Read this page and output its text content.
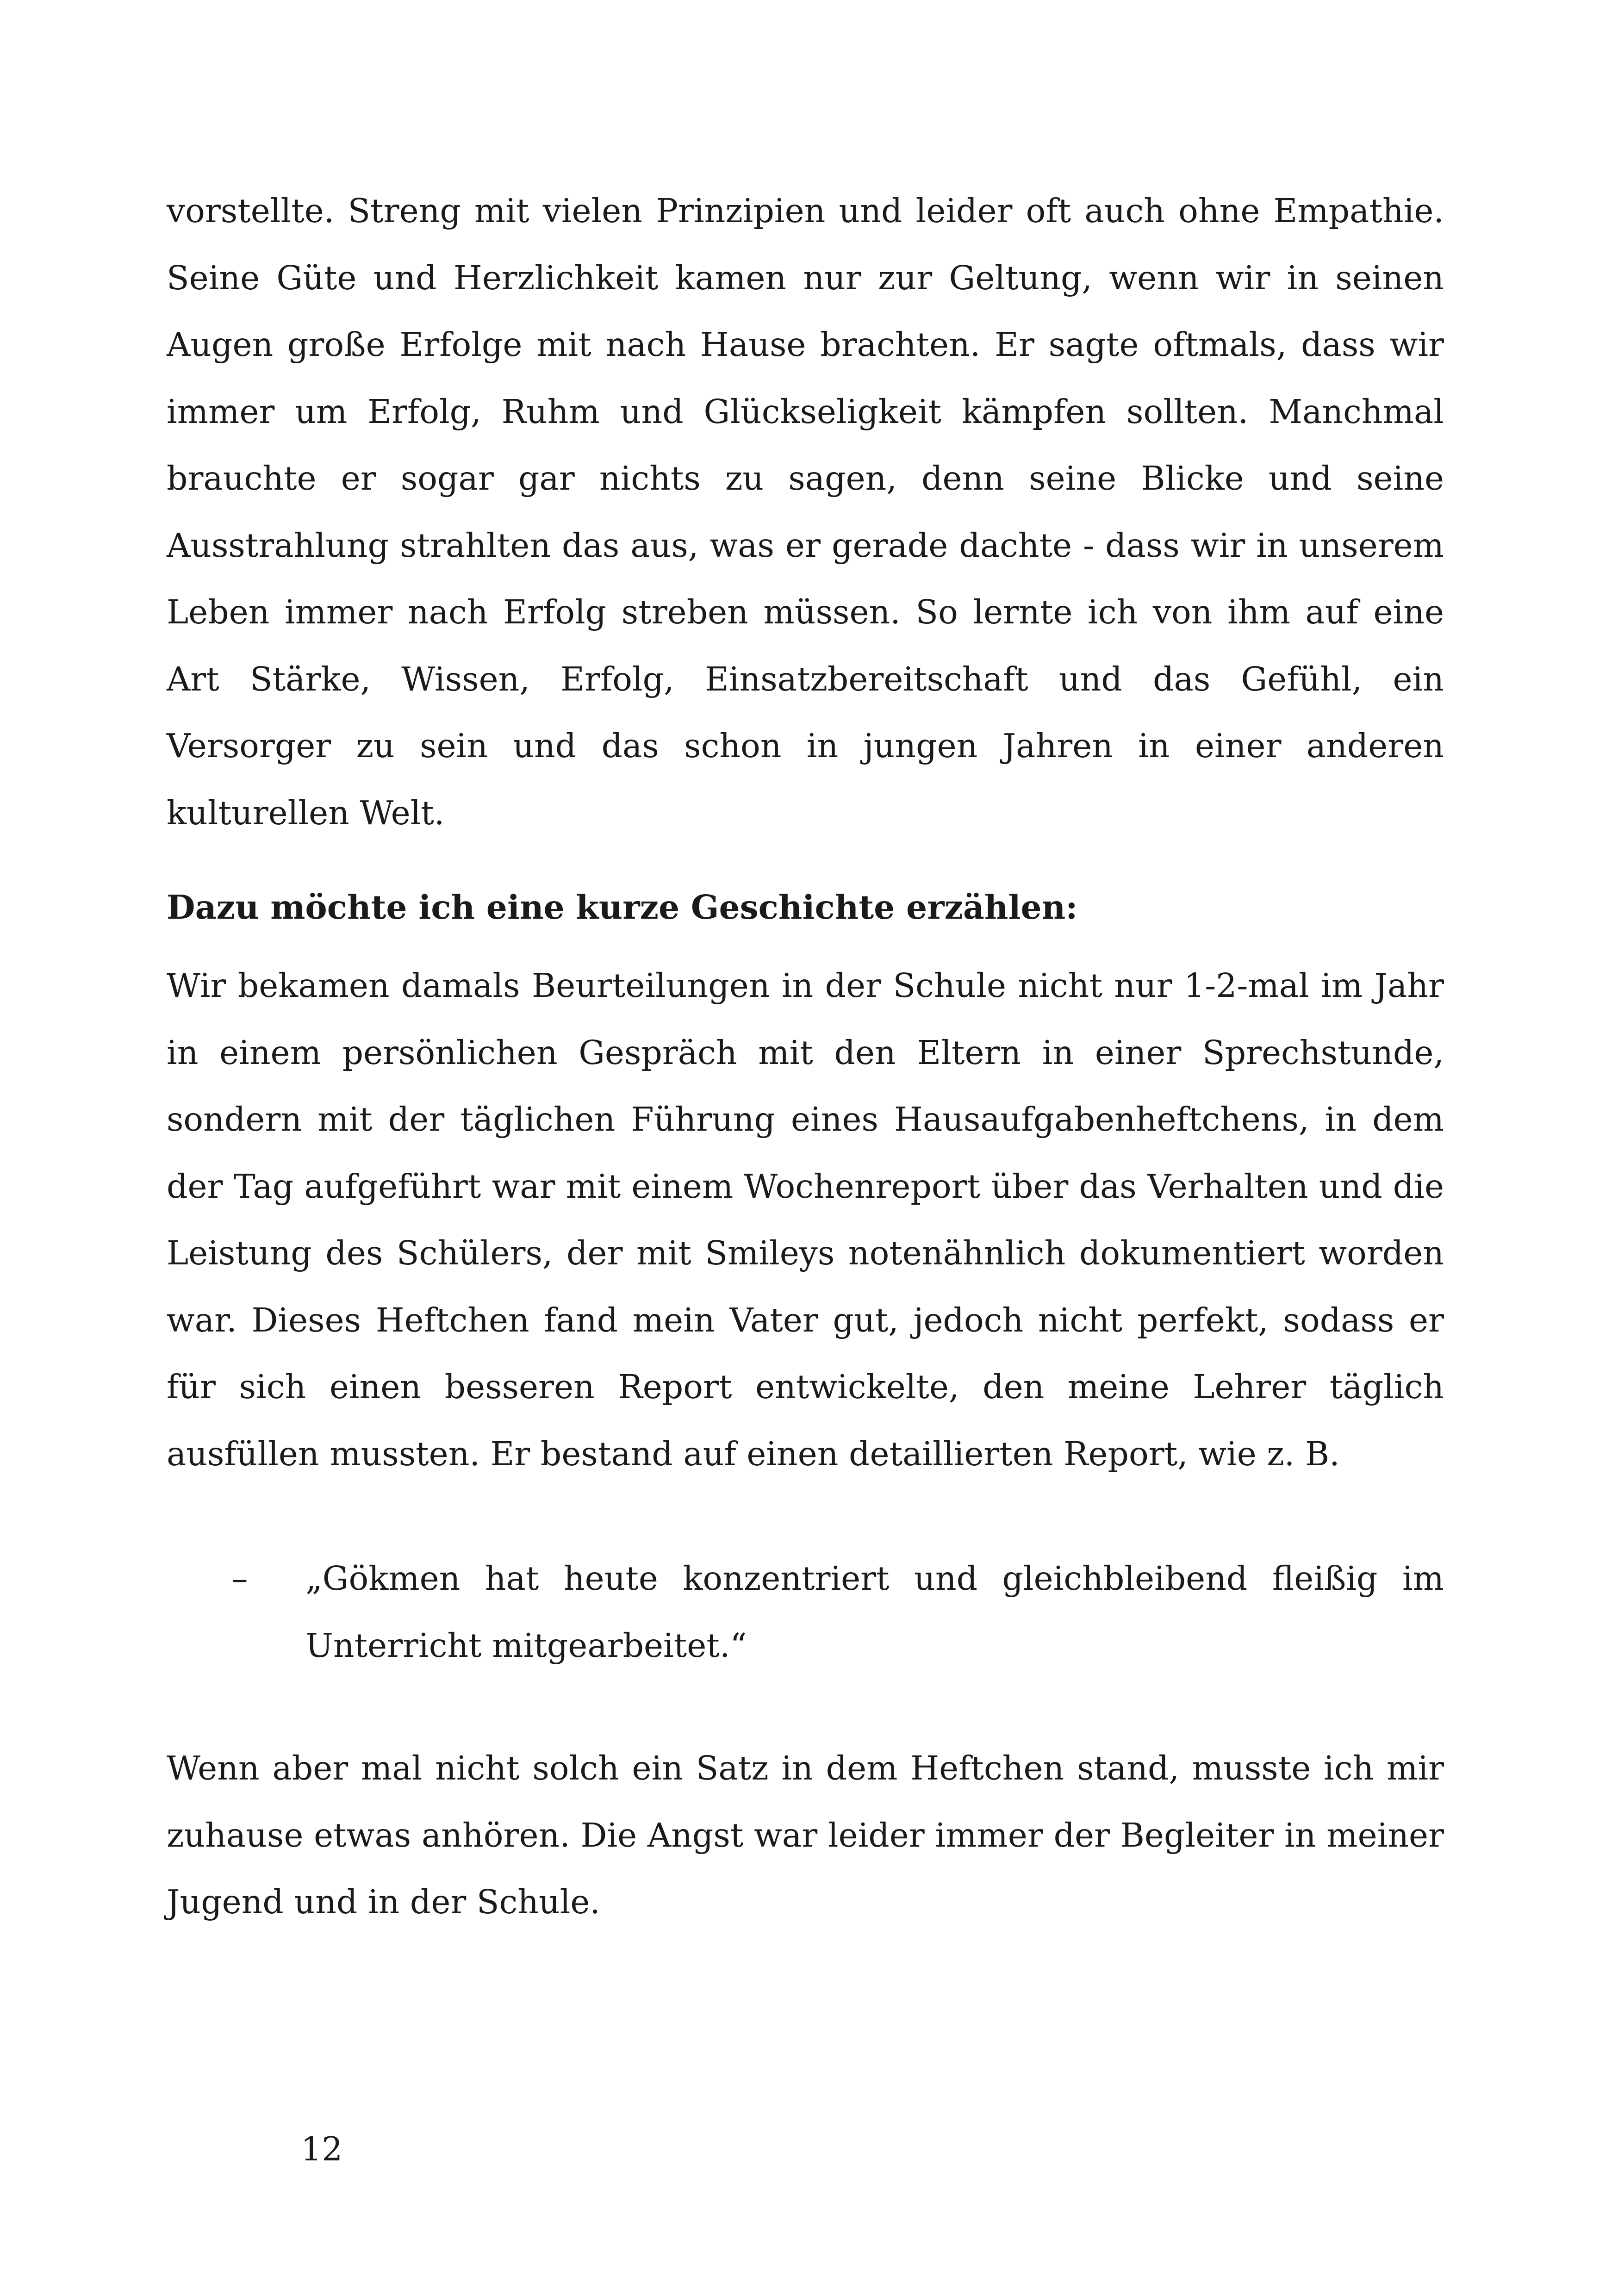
vorstellte. Streng mit vielen Prinzipien und leider oft auch ohne Empathie. Seine Güte und Herzlichkeit kamen nur zur Geltung, wenn wir in seinen Augen große Erfolge mit nach Hause brachten. Er sagte oftmals, dass wir immer um Erfolg, Ruhm und Glückseligkeit kämpfen sollten. Manchmal brauchte er sogar gar nichts zu sagen, denn seine Blicke und seine Ausstrahlung strahlten das aus, was er gerade dachte - dass wir in unserem Leben immer nach Erfolg streben müssen. So lernte ich von ihm auf eine Art Stärke, Wissen, Erfolg, Einsatzbereitschaft und das Gefühl, ein Versorger zu sein und das schon in jungen Jahren in einer anderen kulturellen Welt.

Dazu möchte ich eine kurze Geschichte erzählen:

Wir bekamen damals Beurteilungen in der Schule nicht nur 1-2-mal im Jahr in einem persönlichen Gespräch mit den Eltern in einer Sprechstunde, sondern mit der täglichen Führung eines Hausaufgabenheftchens, in dem der Tag aufgeführt war mit einem Wochenreport über das Verhalten und die Leistung des Schülers, der mit Smileys notenähnlich dokumentiert worden war. Dieses Heftchen fand mein Vater gut, jedoch nicht perfekt, sodass er für sich einen besseren Report entwickelte, den meine Lehrer täglich ausfüllen mussten. Er bestand auf einen detaillierten Report, wie z. B.

– „Gökmen hat heute konzentriert und gleichbleibend fleißig im Unterricht mitgearbeitet.“

Wenn aber mal nicht solch ein Satz in dem Heftchen stand, musste ich mir zuhause etwas anhören. Die Angst war leider immer der Begleiter in meiner Jugend und in der Schule.

12
